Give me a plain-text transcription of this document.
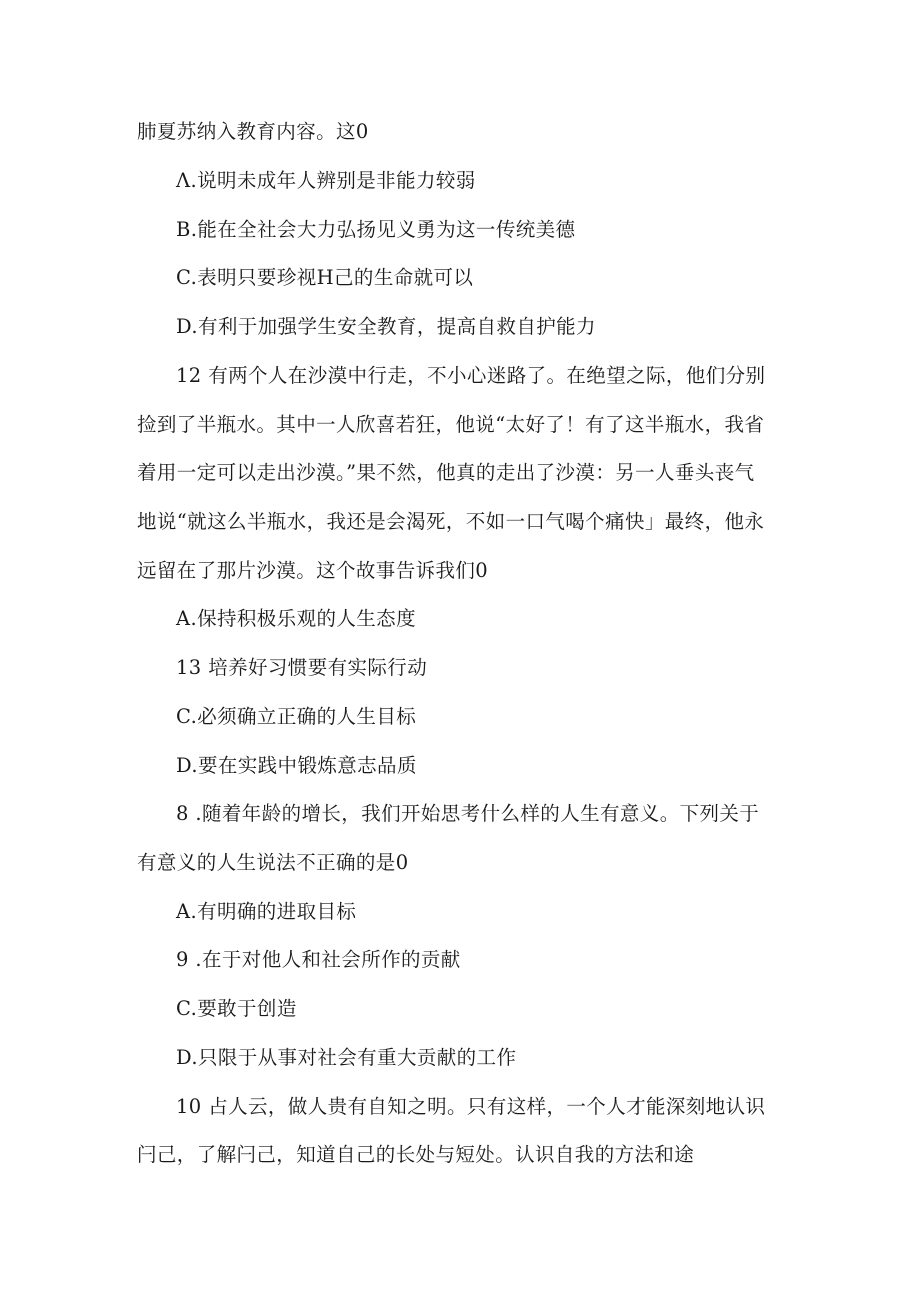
肺夏苏纳入教育内容。这0
Λ.说明未成年人辨别是非能力较弱
B.能在全社会大力弘扬见义勇为这一传统美德
C.表明只要珍视H己的生命就可以
D.有利于加强学生安全教育，提高自救自护能力
12 有两个人在沙漠中行走，不小心迷路了。在绝望之际，他们分别
捡到了半瓶水。其中一人欣喜若狂，他说“太好了！有了这半瓶水，我省
着用一定可以走出沙漠。”果不然，他真的走出了沙漠：另一人垂头丧气
地说“就这么半瓶水，我还是会渴死，不如一口气喝个痛快」最终，他永
远留在了那片沙漠。这个故事告诉我们0
A.保持积极乐观的人生态度
13 培养好习惯要有实际行动
C.必须确立正确的人生目标
D.要在实践中锻炼意志品质
8 .随着年龄的增长，我们开始思考什么样的人生有意义。下列关于
有意义的人生说法不正确的是0
A.有明确的进取目标
9 .在于对他人和社会所作的贡献
C.要敢于创造
D.只限于从事对社会有重大贡献的工作
10 占人云，做人贵有自知之明。只有这样，一个人才能深刻地认识
闩己，了解闩己，知道自己的长处与短处。认识自我的方法和途
